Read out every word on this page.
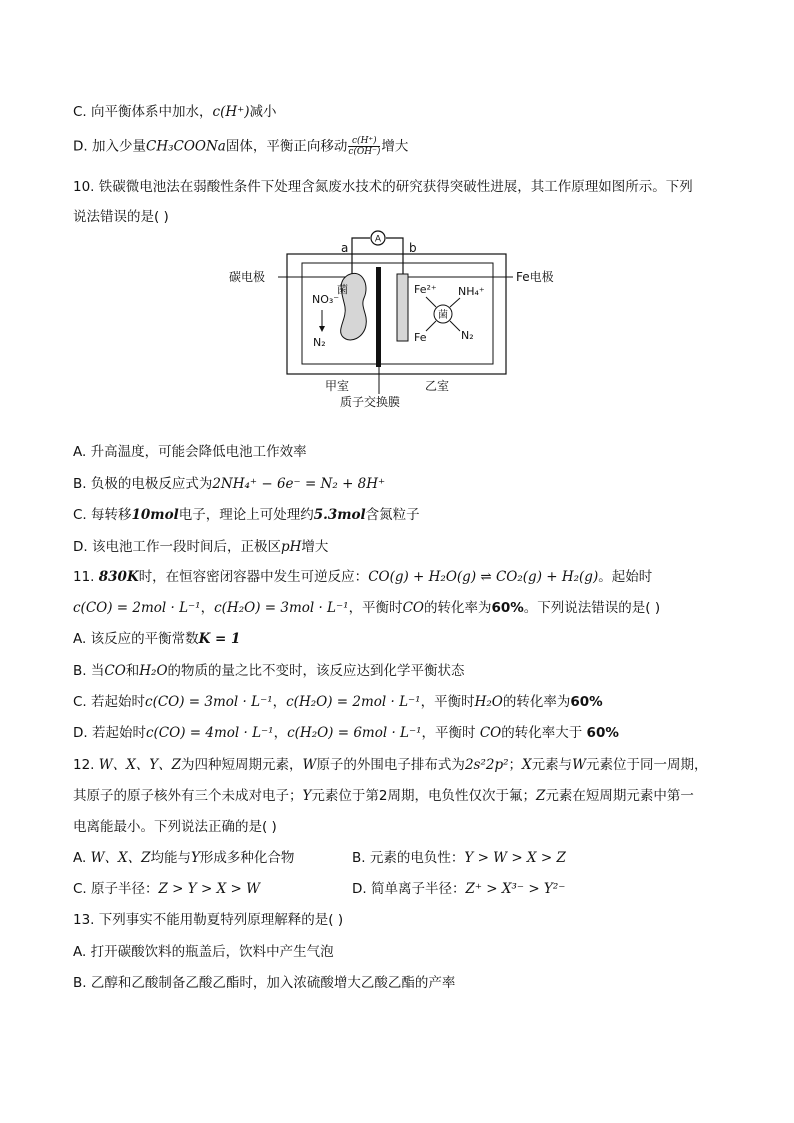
C. 向平衡体系中加水，c(H⁺)减小
D. 加入少量CH₃COONa固体，平衡正向移动 $\frac{c(H^+)}{c(OH^-)}$ 增大
10. 铁碳微电池法在弱酸性条件下处理含氮废水技术的研究获得突破性进展，其工作原理如图所示。下列
说法错误的是( )
A
a	b
菌
碳电极	Fe电极
NO₃⁻
N₂
Fe²⁺ NH₄⁺
菌
Fe	N₂
甲室	乙室
质子交换膜
A. 升高温度，可能会降低电池工作效率
B. 负极的电极反应式为2NH₄⁺ − 6e⁻ = N₂ + 8H⁺
C. 每转移10mol电子，理论上可处理约5.3mol含氮粒子
D. 该电池工作一段时间后，正极区pH增大
11. 830K时，在恒容密闭容器中发生可逆反应：CO(g) + H₂O(g) ⇌ CO₂(g) + H₂(g)。起始时
c(CO) = 2mol · L⁻¹，c(H₂O) = 3mol · L⁻¹，平衡时CO的转化率为60%。下列说法错误的是( )
A. 该反应的平衡常数K = 1
B. 当CO和H₂O的物质的量之比不变时，该反应达到化学平衡状态
C. 若起始时c(CO) = 3mol · L⁻¹，c(H₂O) = 2mol · L⁻¹，平衡时H₂O的转化率为60%
D. 若起始时c(CO) = 4mol · L⁻¹，c(H₂O) = 6mol · L⁻¹，平衡时 CO的转化率大于 60%
12. W、X、Y、Z为四种短周期元素，W原子的外围电子排布式为2s²2p²；X元素与W元素位于同一周期，
其原子的原子核外有三个未成对电子；Y元素位于第2周期，电负性仅次于氟；Z元素在短周期元素中第一
电离能最小。下列说法正确的是( )
A. W、X、Z均能与Y形成多种化合物	B. 元素的电负性：Y > W > X > Z
C. 原子半径：Z > Y > X > W	D. 简单离子半径：Z⁺ > X³⁻ > Y²⁻
13. 下列事实不能用勒夏特列原理解释的是( )
A. 打开碳酸饮料的瓶盖后，饮料中产生气泡
B. 乙醇和乙酸制备乙酸乙酯时，加入浓硫酸增大乙酸乙酯的产率
